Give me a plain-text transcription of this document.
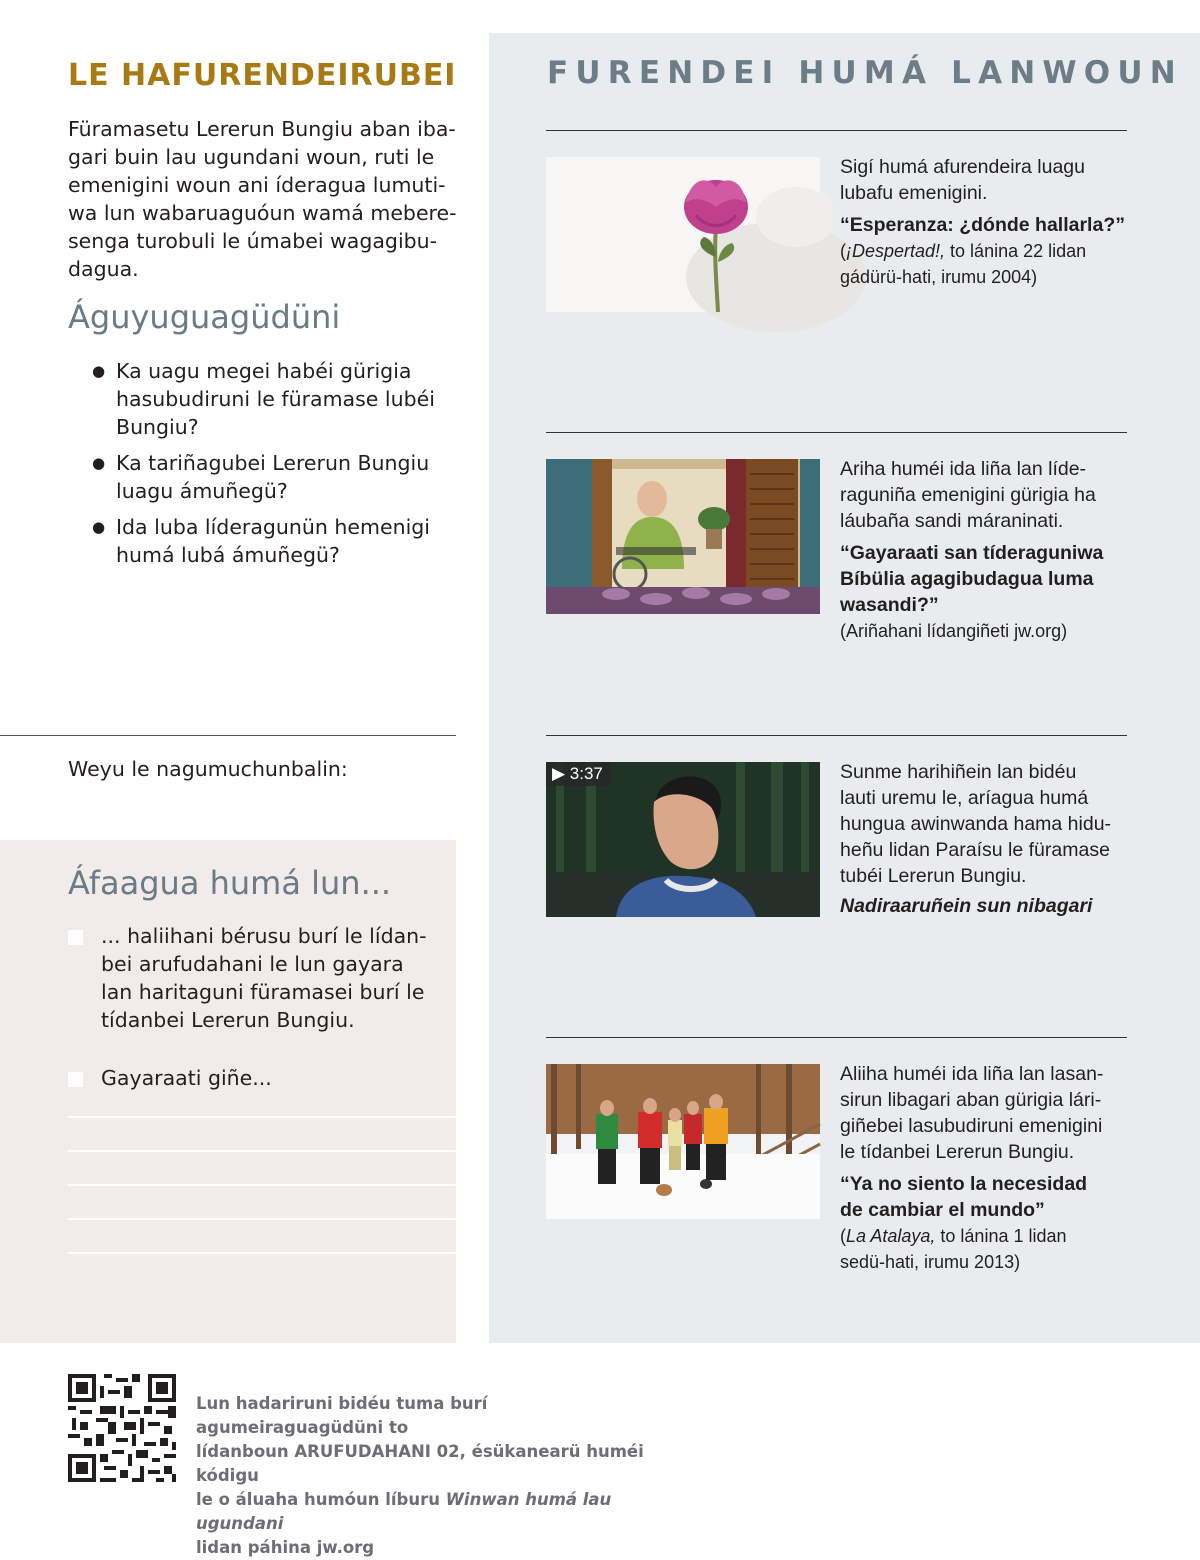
LE HAFURENDEIRUBEI
Füramasetu Lererun Bungiu aban iba-
gari buin lau ugundani woun, ruti le
emenigini woun ani íderagua lumuti-
wa lun wabaruaguóun wamá mebere-
senga turobuli le úmabei wagagibu-
dagua.
Águyuguagüdüni
● Ka uagu megei habéi gürigia
hasubudiruni le füramase lubéi
Bungiu?
● Ka tariñagubei Lererun Bungiu
luagu ámuñegü?
● Ida luba líderagunün hemenigi
humá lubá ámuñegü?
Weyu le nagumuchunbalin:
Áfaagua humá lun...
... haliihani bérusu burí le lídan-
bei arufudahani le lun gayara
lan haritaguni füramasei burí le
tídanbei Lererun Bungiu.
Gayaraati giñe...
FURENDEI HUMÁ LANWOUN
Sigí humá afurendeira luagu
lubafu emenigini.
“Esperanza: ¿dónde hallarla?”
(¡Despertad!, to lánina 22 lidan
gádürü-hati, irumu 2004)
Ariha huméi ida liña lan líde-
raguniña emenigini gürigia ha
láubaña sandi máraninati.
“Gayaraati san tíderaguniwa
Bíbülia agagibudagua luma
wasandi?”
(Ariñahani lídangiñeti jw.org)
▶ 3:37	Sunme harihiñein lan bidéu
lauti uremu le, aríagua humá
hungua awinwanda hama hidu-
heñu lidan Paraísu le füramase
tubéi Lererun Bungiu.
Nadiraaruñein sun nibagari
Aliiha huméi ida liña lan lasan-
sirun libagari aban gürigia lári-
giñebei lasubudiruni emenigini
le tídanbei Lererun Bungiu.
“Ya no siento la necesidad
de cambiar el mundo”
(La Atalaya, to lánina 1 lidan
sedü-hati, irumu 2013)
Lun hadariruni bidéu tuma burí agumeiraguagüdüni to
lídanboun ARUFUDAHANI 02, ésükanearü huméi kódigu
le o áluaha humóun líburu Winwan humá lau ugundani
lidan páhina jw.org
